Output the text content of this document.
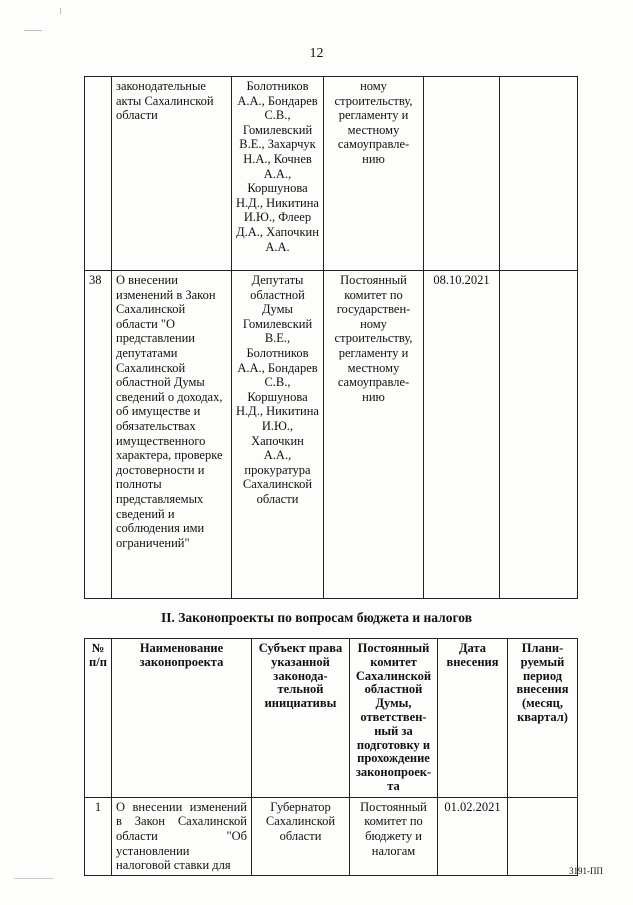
12
	законодательные акты Сахалинской области	Болотников А.А., Бондарев С.В., Гомилевский В.Е., Захарчук Н.А., Кочнев А.А., Коршунова Н.Д., Никитина И.Ю., Флеер Д.А., Хапочкин А.А.	ному строительству, регламенту и местному самоуправле-нию		
38	О внесении изменений в Закон Сахалинской области "О представлении депутатами Сахалинской областной Думы сведений о доходах, об имуществе и обязательствах имущественного характера, проверке достоверности и полноты представляемых сведений и соблюдения ими ограничений"	Депутаты областной Думы Гомилевский В.Е., Болотников А.А., Бондарев С.В., Коршунова Н.Д., Никитина И.Ю., Хапочкин А.А., прокуратура Сахалинской области	Постоянный комитет по государствен-ному строительству, регламенту и местному самоуправле-нию	08.10.2021	
II. Законопроекты по вопросам бюджета и налогов
№ п/п	Наименование законопроекта	Субъект права указанной законода-тельной инициативы	Постоянный комитет Сахалинской областной Думы, ответствен-ный за подготовку и прохождение законопроек-та	Дата внесения	Плани-руемый период внесения (месяц, квартал)
1	О внесении изменений в Закон Сахалинской области "Об установлении налоговой ставки для	Губернатор Сахалинской области	Постоянный комитет по бюджету и налогам	01.02.2021	
3191-ПП
